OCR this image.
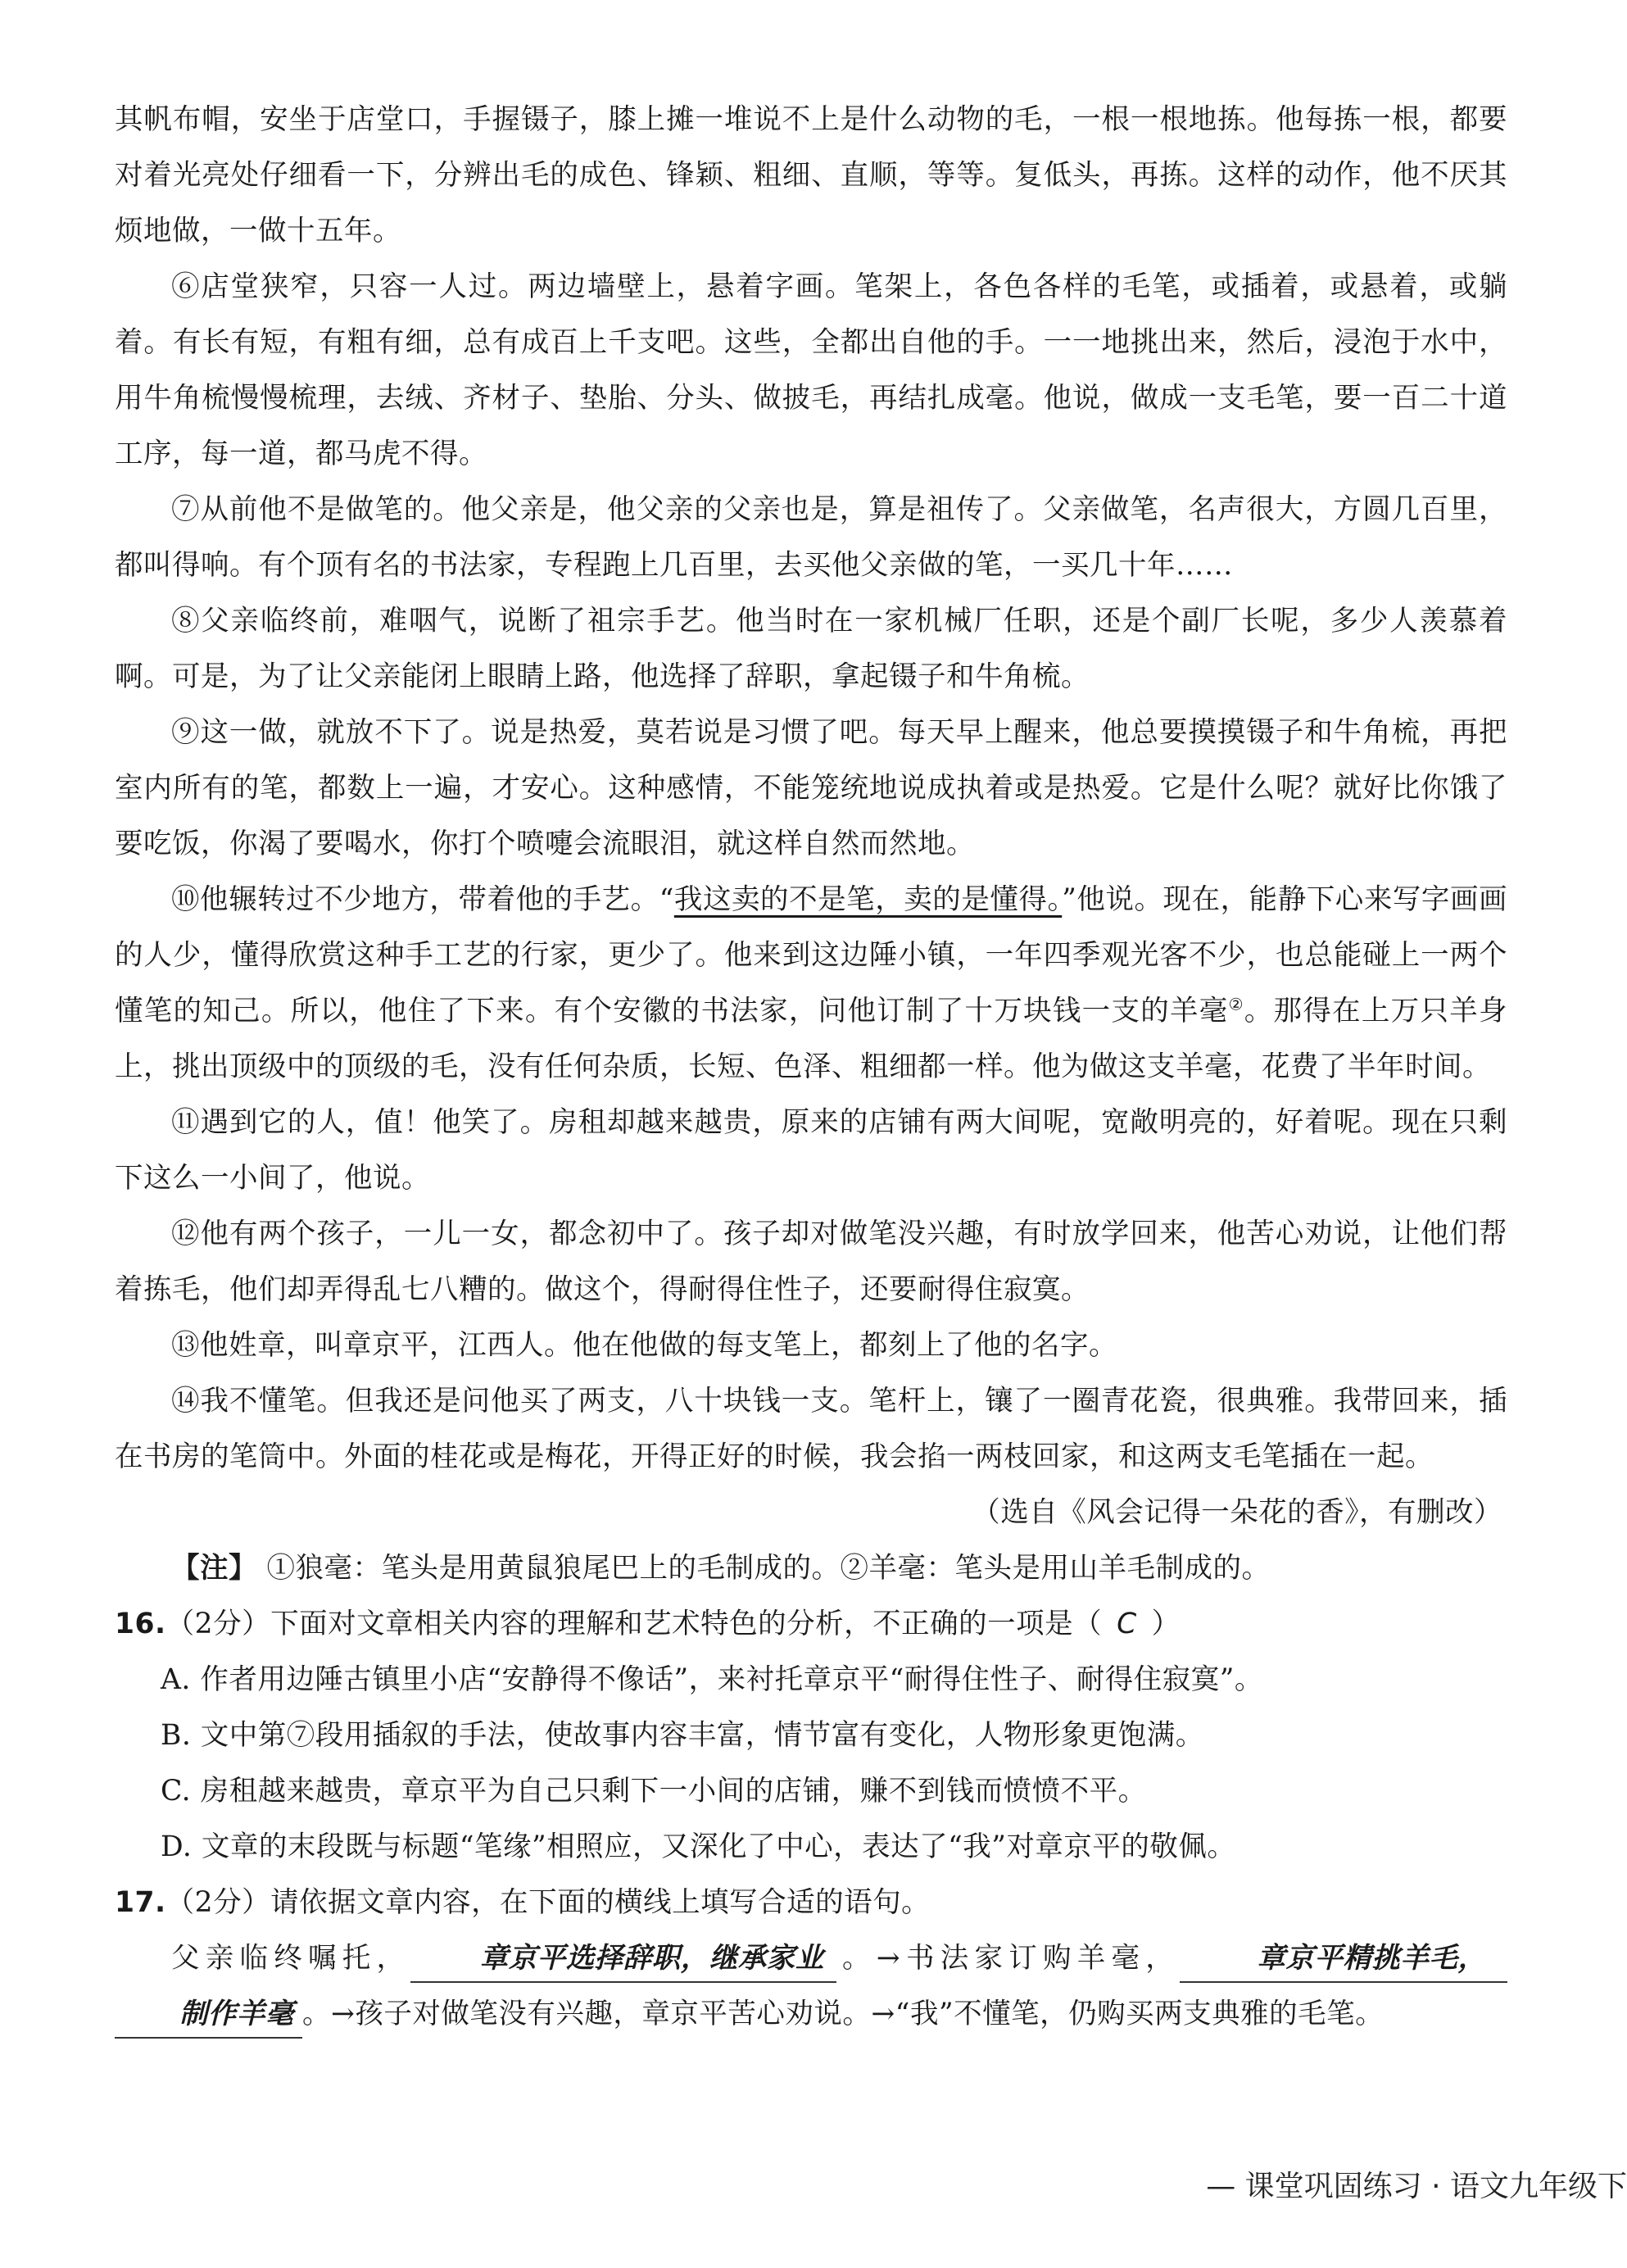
其帆布帽，安坐于店堂口，手握镊子，膝上摊一堆说不上是什么动物的毛，一根一根地拣。他每拣一根，都要对着光亮处仔细看一下，分辨出毛的成色、锋颖、粗细、直顺，等等。复低头，再拣。这样的动作，他不厌其烦地做，一做十五年。

⑥店堂狭窄，只容一人过。两边墙壁上，悬着字画。笔架上，各色各样的毛笔，或插着，或悬着，或躺着。有长有短，有粗有细，总有成百上千支吧。这些，全都出自他的手。一一地挑出来，然后，浸泡于水中，用牛角梳慢慢梳理，去绒、齐材子、垫胎、分头、做披毛，再结扎成毫。他说，做成一支毛笔，要一百二十道工序，每一道，都马虎不得。

⑦从前他不是做笔的。他父亲是，他父亲的父亲也是，算是祖传了。父亲做笔，名声很大，方圆几百里，都叫得响。有个顶有名的书法家，专程跑上几百里，去买他父亲做的笔，一买几十年……

⑧父亲临终前，难咽气，说断了祖宗手艺。他当时在一家机械厂任职，还是个副厂长呢，多少人羡慕着啊。可是，为了让父亲能闭上眼睛上路，他选择了辞职，拿起镊子和牛角梳。

⑨这一做，就放不下了。说是热爱，莫若说是习惯了吧。每天早上醒来，他总要摸摸镊子和牛角梳，再把室内所有的笔，都数上一遍，才安心。这种感情，不能笼统地说成执着或是热爱。它是什么呢？就好比你饿了要吃饭，你渴了要喝水，你打个喷嚏会流眼泪，就这样自然而然地。

⑩他辗转过不少地方，带着他的手艺。“我这卖的不是笔，卖的是懂得。”他说。现在，能静下心来写字画画的人少，懂得欣赏这种手工艺的行家，更少了。他来到这边陲小镇，一年四季观光客不少，也总能碰上一两个懂笔的知己。所以，他住了下来。有个安徽的书法家，问他订制了十万块钱一支的羊毫②。那得在上万只羊身上，挑出顶级中的顶级的毛，没有任何杂质，长短、色泽、粗细都一样。他为做这支羊毫，花费了半年时间。

⑪遇到它的人，值！他笑了。房租却越来越贵，原来的店铺有两大间呢，宽敞明亮的，好着呢。现在只剩下这么一小间了，他说。

⑫他有两个孩子，一儿一女，都念初中了。孩子却对做笔没兴趣，有时放学回来，他苦心劝说，让他们帮着拣毛，他们却弄得乱七八糟的。做这个，得耐得住性子，还要耐得住寂寞。

⑬他姓章，叫章京平，江西人。他在他做的每支笔上，都刻上了他的名字。

⑭我不懂笔。但我还是问他买了两支，八十块钱一支。笔杆上，镶了一圈青花瓷，很典雅。我带回来，插在书房的笔筒中。外面的桂花或是梅花，开得正好的时候，我会掐一两枝回家，和这两支毛笔插在一起。

（选自《风会记得一朵花的香》，有删改）

【注】 ①狼毫：笔头是用黄鼠狼尾巴上的毛制成的。②羊毫：笔头是用山羊毛制成的。

16.（2分）下面对文章相关内容的理解和艺术特色的分析，不正确的一项是（ C ）

A. 作者用边陲古镇里小店“安静得不像话”，来衬托章京平“耐得住性子、耐得住寂寞”。

B. 文中第⑦段用插叙的手法，使故事内容丰富，情节富有变化，人物形象更饱满。

C. 房租越来越贵，章京平为自己只剩下一小间的店铺，赚不到钱而愤愤不平。

D. 文章的末段既与标题“笔缘”相照应，又深化了中心，表达了“我”对章京平的敬佩。

17.（2分）请依据文章内容，在下面的横线上填写合适的语句。

父亲临终嘱托， 章京平选择辞职，继承家业 。→书法家订购羊毫，	章京平精挑羊毛，制作羊毫 。→孩子对做笔没有兴趣，章京平苦心劝说。→“我”不懂笔，仍购买两支典雅的毛笔。

— 课堂巩固练习 · 语文九年级下
